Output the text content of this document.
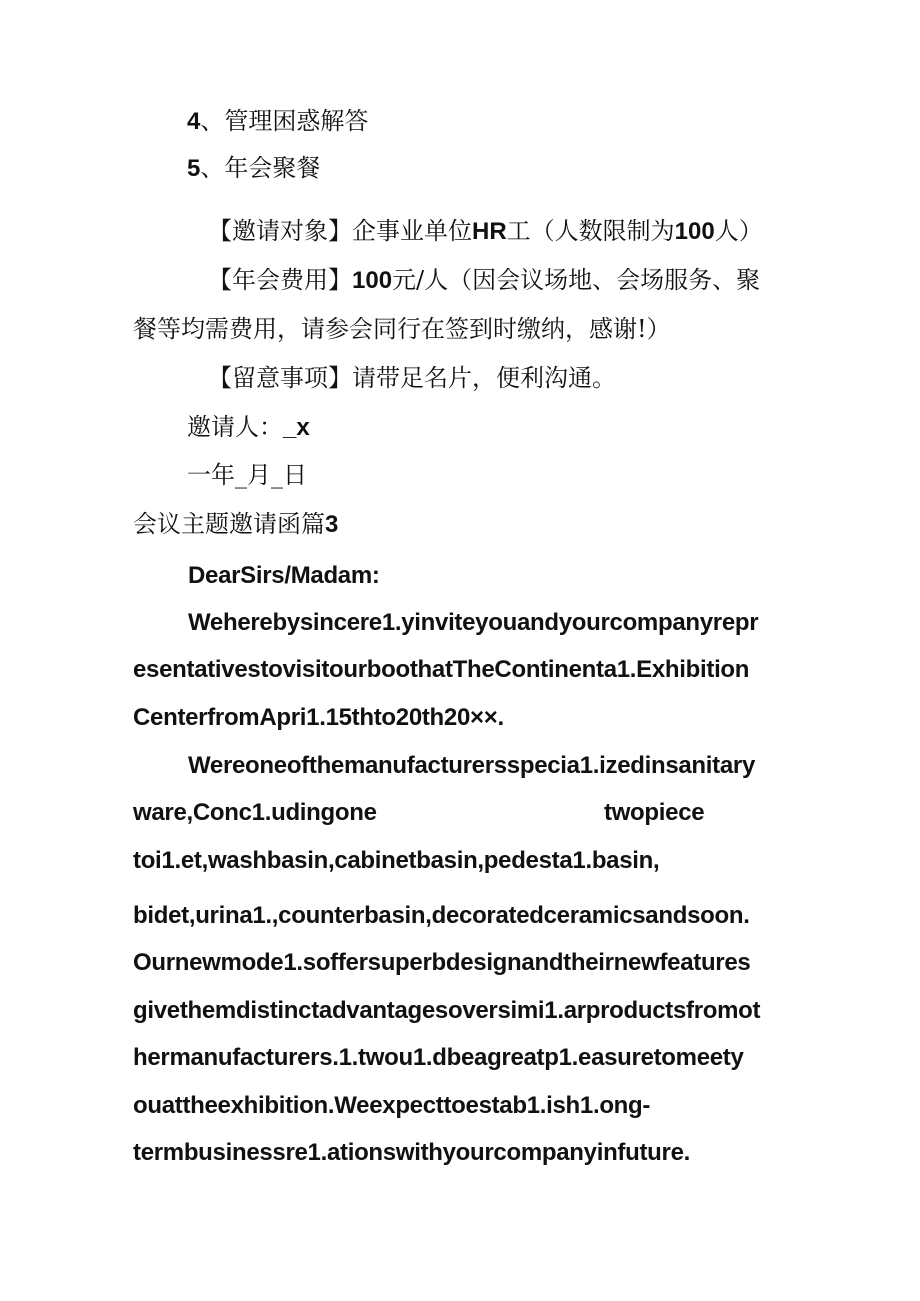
4、管理困惑解答
5、年会聚餐
【邀请对象】企事业单位HR工（人数限制为100人）
【年会费用】100元/人（因会议场地、会场服务、聚
餐等均需费用，请参会同行在签到时缴纳，感谢!）
【留意事项】请带足名片，便利沟通。
邀请人：_x
一年_月_日
会议主题邀请函篇3
DearSirs/Madam:
Weherebysincere1.yinviteyouandyourcompanyrepr
esentativestovisitourboothatTheContinenta1.Exhibition
CenterfromApri1.15thto20th20××.
Wereoneofthemanufacturersspecia1.izedinsanitary
ware,Conc1.udingone	twopiece
toi1.et,washbasin,cabinetbasin,pedesta1.basin,
bidet,urina1.,counterbasin,decoratedceramicsandsoon.
Ournewmode1.soffersuperbdesignandtheirnewfeatures
givethemdistinctadvantagesoversimi1.arproductsfromot
hermanufacturers.1.twou1.dbeagreatp1.easuretomeety
ouattheexhibition.Weexpecttoestab1.ish1.ong-
termbusinessre1.ationswithyourcompanyinfuture.
